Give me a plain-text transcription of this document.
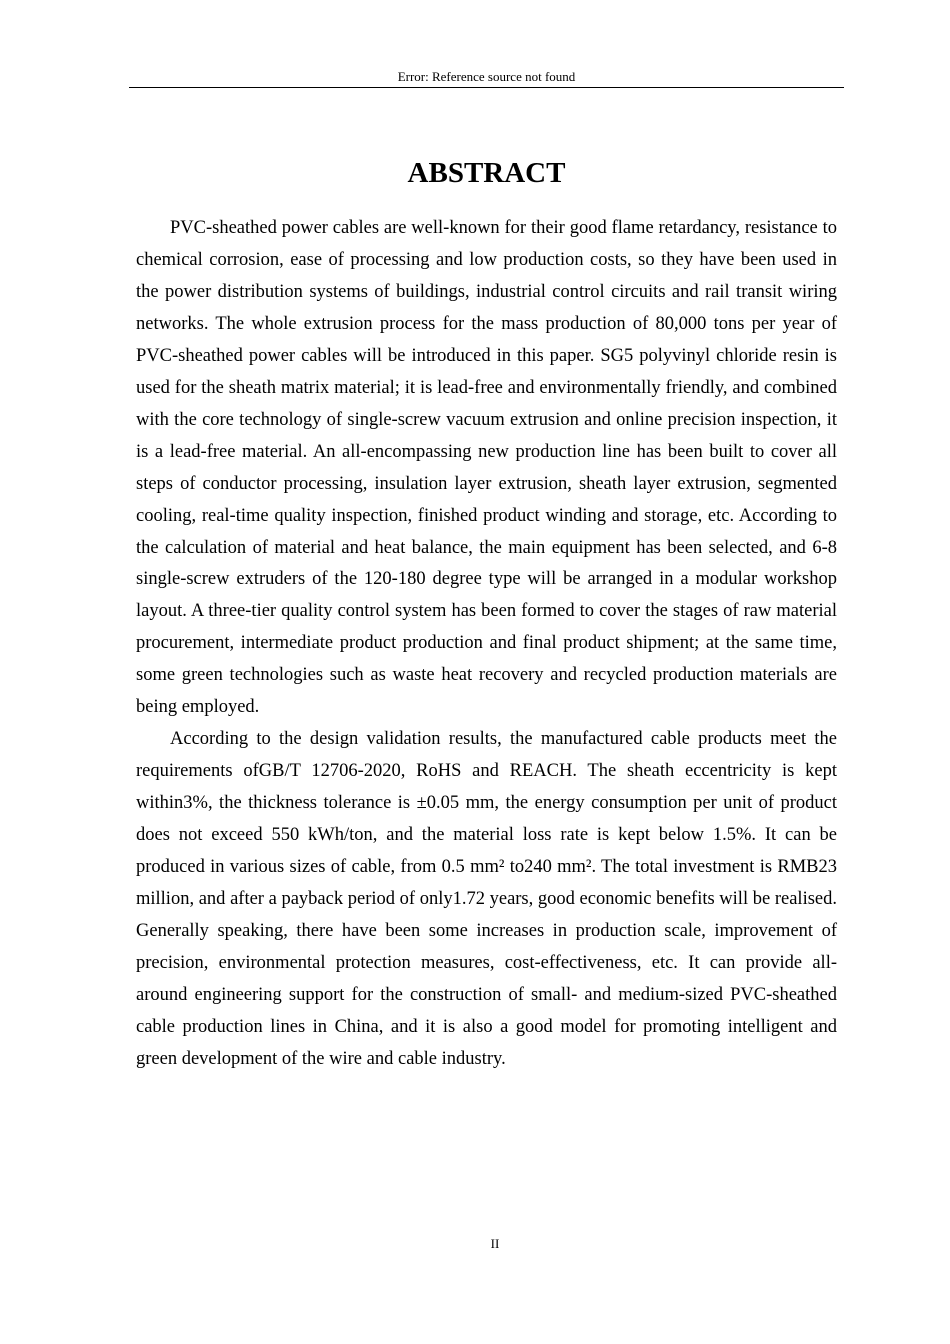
Error: Reference source not found
ABSTRACT

PVC-sheathed power cables are well-known for their good flame retardancy, resistance to chemical corrosion, ease of processing and low production costs, so they have been used in the power distribution systems of buildings, industrial control circuits and rail transit wiring networks. The whole extrusion process for the mass production of 80,000 tons per year of PVC-sheathed power cables will be introduced in this paper. SG5 polyvinyl chloride resin is used for the sheath matrix material; it is lead-free and environmentally friendly, and combined with the core technology of single-screw vacuum extrusion and online precision inspection, it is a lead-free material. An all-encompassing new production line has been built to cover all steps of conductor processing, insulation layer extrusion, sheath layer extrusion, segmented cooling, real-time quality inspection, finished product winding and storage, etc. According to the calculation of material and heat balance, the main equipment has been selected, and 6-8 single-screw extruders of the 120-180 degree type will be arranged in a modular workshop layout. A three-tier quality control system has been formed to cover the stages of raw material procurement, intermediate product production and final product shipment; at the same time, some green technologies such as waste heat recovery and recycled production materials are being employed.

According to the design validation results, the manufactured cable products meet the requirements ofGB/T 12706-2020, RoHS and REACH. The sheath eccentricity is kept within3%, the thickness tolerance is ±0.05 mm, the energy consumption per unit of product does not exceed 550 kWh/ton, and the material loss rate is kept below 1.5%. It can be produced in various sizes of cable, from 0.5 mm² to240 mm². The total investment is RMB23 million, and after a payback period of only1.72 years, good economic benefits will be realised. Generally speaking, there have been some increases in production scale, improvement of precision, environmental protection measures, cost-effectiveness, etc. It can provide all-around engineering support for the construction of small- and medium-sized PVC-sheathed cable production lines in China, and it is also a good model for promoting intelligent and green development of the wire and cable industry.

II
